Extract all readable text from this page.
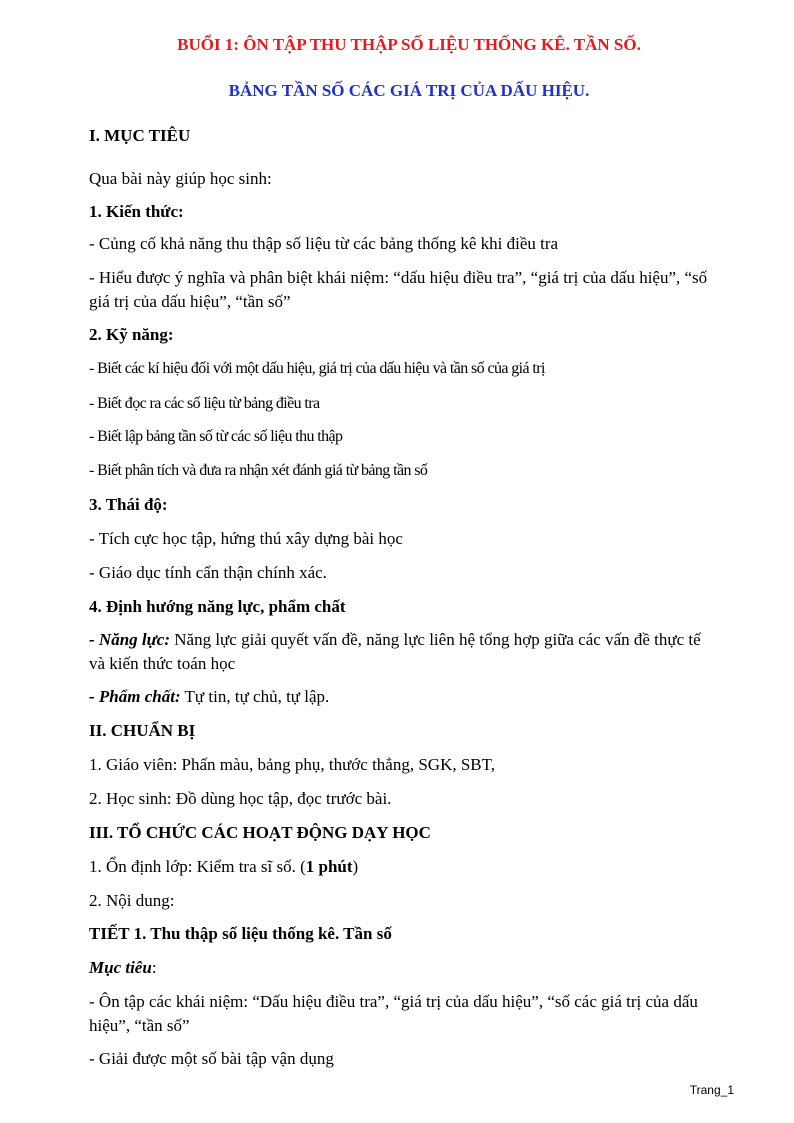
BUỔI 1: ÔN TẬP THU THẬP SỐ LIỆU THỐNG KÊ. TẦN SỐ.

BẢNG TẦN SỐ CÁC GIÁ TRỊ CỦA DẤU HIỆU.

I. MỤC TIÊU

Qua bài này giúp học sinh:

1. Kiến thức:

- Củng cố khả năng thu thập số liệu từ các bảng thống kê khi điều tra

- Hiểu được ý nghĩa và phân biệt khái niệm: “dấu hiệu điều tra”, “giá trị của dấu hiệu”, “số giá trị của dấu hiệu”, “tần số”

2. Kỹ năng:

- Biết các kí hiệu đối với một dấu hiệu, giá trị của dấu hiệu và tần số của giá trị

- Biết đọc ra các số liệu từ bảng điều tra

- Biết lập bảng tần số từ các số liệu thu thập

- Biết phân tích và đưa ra nhận xét đánh giá từ bảng tần số

3. Thái độ:

- Tích cực học tập, hứng thú xây dựng bài học

- Giáo dục tính cẩn thận chính xác.

4. Định hướng năng lực, phẩm chất

- Năng lực: Năng lực giải quyết vấn đề, năng lực liên hệ tổng hợp giữa các vấn đề thực tế và kiến thức toán học

- Phẩm chất: Tự tin, tự chủ, tự lập.

II. CHUẨN BỊ

1. Giáo viên: Phấn màu, bảng phụ, thước thẳng, SGK, SBT,

2. Học sinh: Đồ dùng học tập, đọc trước bài.

III. TỔ CHỨC CÁC HOẠT ĐỘNG DẠY HỌC

1. Ổn định lớp: Kiểm tra sĩ số. (1 phút)

2. Nội dung:

TIẾT 1. Thu thập số liệu thống kê. Tần số

Mục tiêu:

- Ôn tập các khái niệm: “Dấu hiệu điều tra”, “giá trị của dấu hiệu”, “số các giá trị của dấu hiệu”, “tần số”

- Giải được một số bài tập vận dụng

Trang_1
